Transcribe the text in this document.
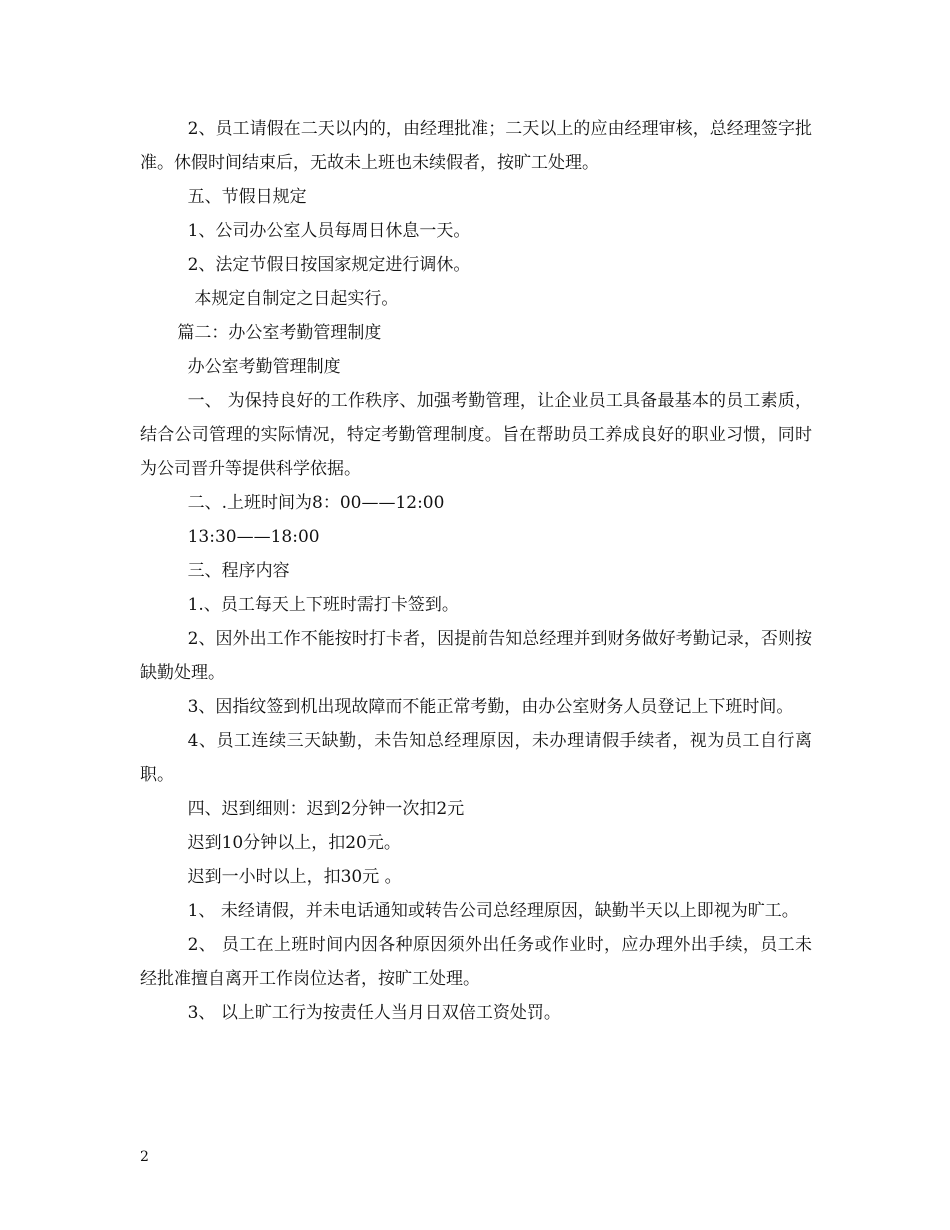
2、员工请假在二天以内的，由经理批准；二天以上的应由经理审核，总经理签字批准。休假时间结束后，无故未上班也未续假者，按旷工处理。

五、节假日规定

1、公司办公室人员每周日休息一天。

2、法定节假日按国家规定进行调休。

本规定自制定之日起实行。

篇二：办公室考勤管理制度

办公室考勤管理制度

一、 为保持良好的工作秩序、加强考勤管理，让企业员工具备最基本的员工素质，结合公司管理的实际情况，特定考勤管理制度。旨在帮助员工养成良好的职业习惯，同时为公司晋升等提供科学依据。

二、.上班时间为8：00——12:00

13:30——18:00

三、程序内容

1.、员工每天上下班时需打卡签到。

2、因外出工作不能按时打卡者，因提前告知总经理并到财务做好考勤记录，否则按缺勤处理。

3、因指纹签到机出现故障而不能正常考勤，由办公室财务人员登记上下班时间。

4、员工连续三天缺勤，未告知总经理原因，未办理请假手续者，视为员工自行离职。

四、迟到细则：迟到2分钟一次扣2元

迟到10分钟以上，扣20元。

迟到一小时以上，扣30元 。

1、 未经请假，并未电话通知或转告公司总经理原因，缺勤半天以上即视为旷工。

2、 员工在上班时间内因各种原因须外出任务或作业时，应办理外出手续，员工未经批准擅自离开工作岗位达者，按旷工处理。

3、 以上旷工行为按责任人当月日双倍工资处罚。

2
